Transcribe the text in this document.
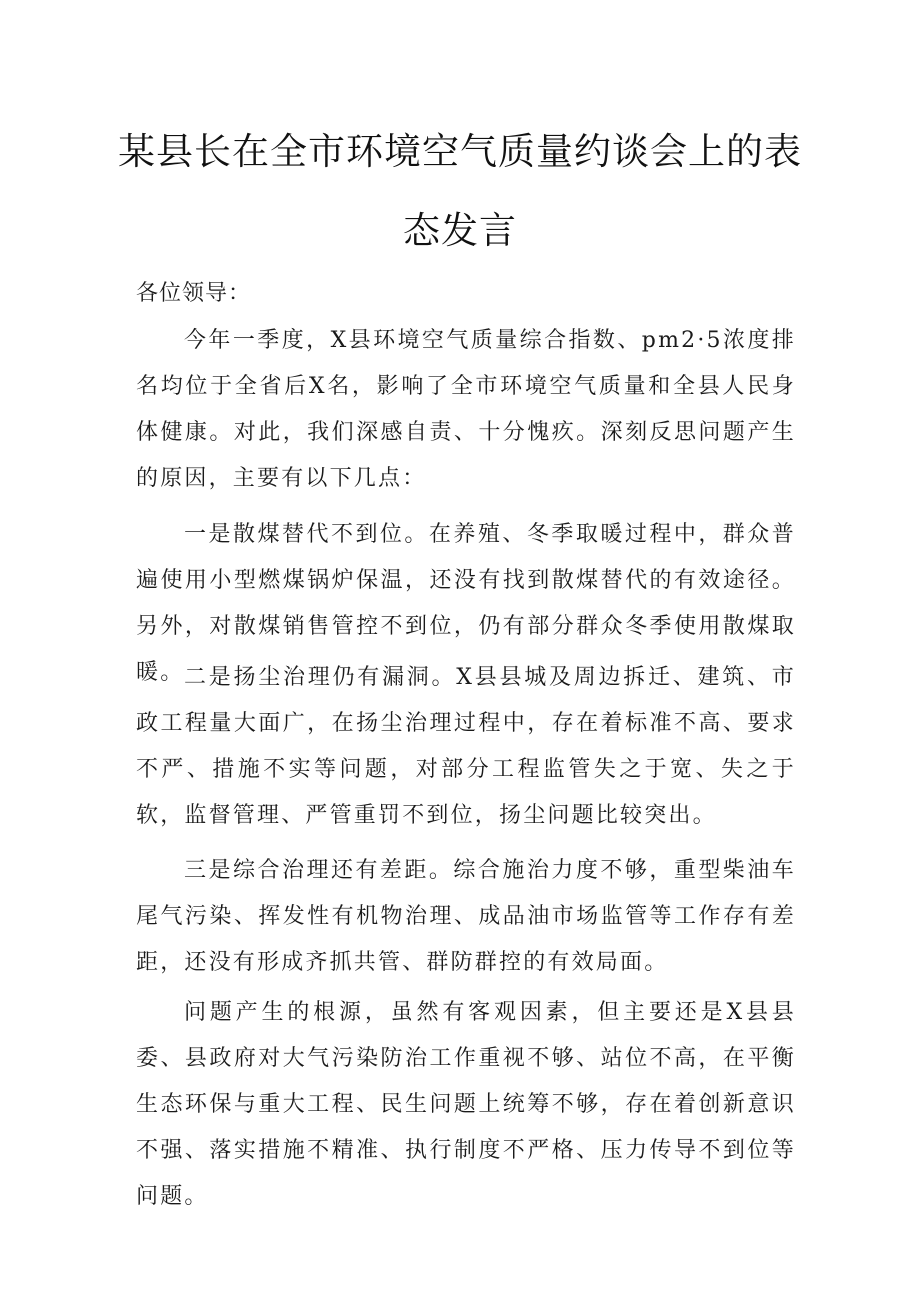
某县长在全市环境空气质量约谈会上的表
态发言
各位领导：

今年一季度，X县环境空气质量综合指数、pm2·5浓度排名均位于全省后X名，影响了全市环境空气质量和全县人民身体健康。对此，我们深感自责、十分愧疚。深刻反思问题产生的原因，主要有以下几点：

一是散煤替代不到位。在养殖、冬季取暖过程中，群众普遍使用小型燃煤锅炉保温，还没有找到散煤替代的有效途径。另外，对散煤销售管控不到位，仍有部分群众冬季使用散煤取暖。 二是扬尘治理仍有漏洞。X县县城及周边拆迁、建筑、市政工程量大面广，在扬尘治理过程中，存在着标准不高、要求不严、措施不实等问题，对部分工程监管失之于宽、失之于软，监督管理、严管重罚不到位，扬尘问题比较突出。

三是综合治理还有差距。综合施治力度不够，重型柴油车尾气污染、挥发性有机物治理、成品油市场监管等工作存有差距，还没有形成齐抓共管、群防群控的有效局面。

问题产生的根源，虽然有客观因素，但主要还是X县县委、县政府对大气污染防治工作重视不够、站位不高，在平衡生态环保与重大工程、民生问题上统筹不够，存在着创新意识不强、落实措施不精准、执行制度不严格、压力传导不到位等问题。
